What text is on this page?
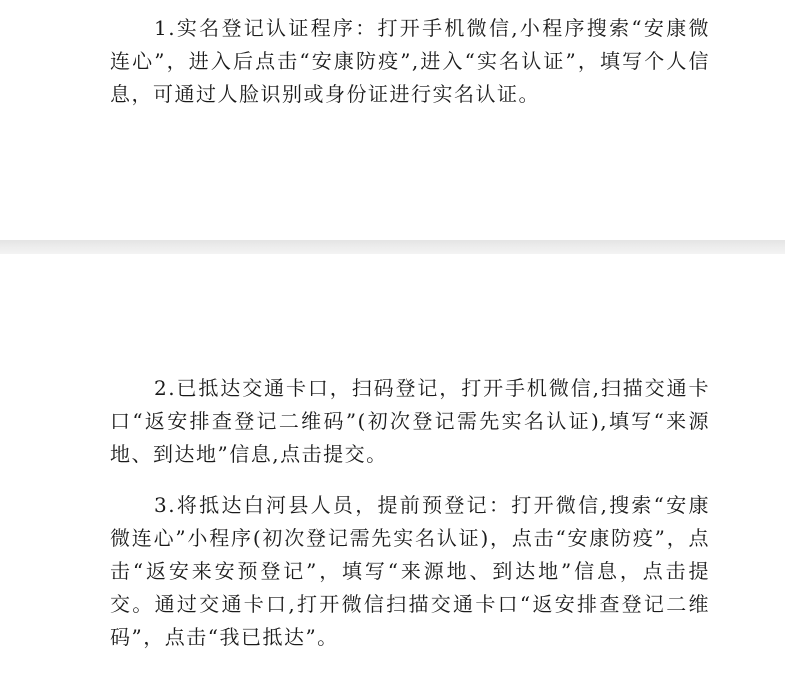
1.实名登记认证程序：打开手机微信,小程序搜索“安康微连心”，进入后点击“安康防疫”,进入“实名认证”，填写个人信息，可通过人脸识别或身份证进行实名认证。

2.已抵达交通卡口，扫码登记，打开手机微信,扫描交通卡口“返安排查登记二维码”(初次登记需先实名认证),填写“来源地、到达地”信息,点击提交。

3.将抵达白河县人员，提前预登记：打开微信,搜索“安康微连心”小程序(初次登记需先实名认证)，点击“安康防疫”，点击“返安来安预登记”，填写“来源地、到达地”信息，点击提交。通过交通卡口,打开微信扫描交通卡口“返安排查登记二维码”，点击“我已抵达”。
